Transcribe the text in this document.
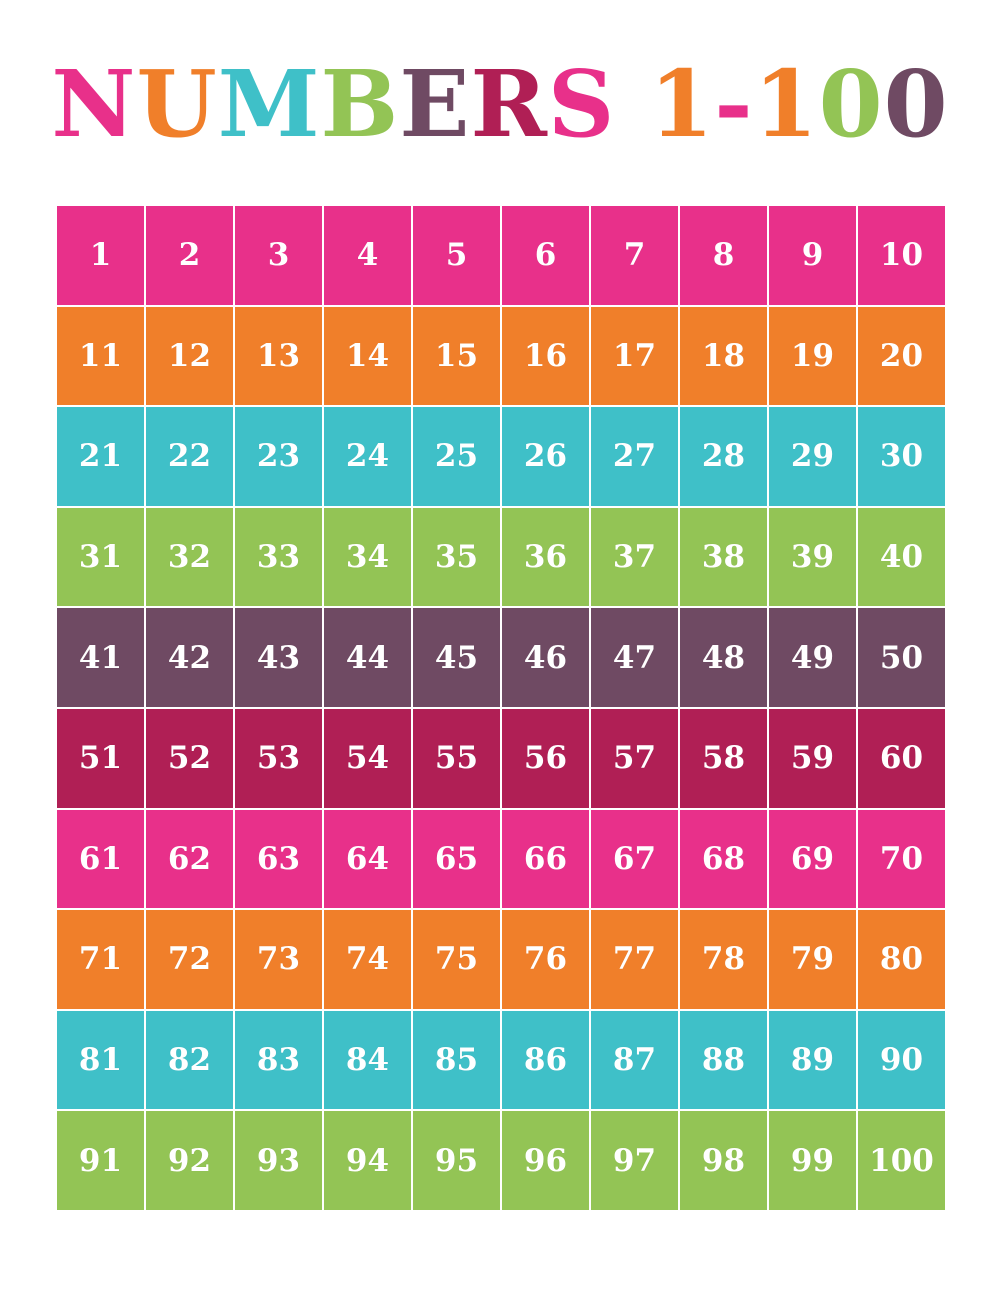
NUMBERS 1-100
1	2	3	4	5	6	7	8	9	10
11	12	13	14	15	16	17	18	19	20
21	22	23	24	25	26	27	28	29	30
31	32	33	34	35	36	37	38	39	40
41	42	43	44	45	46	47	48	49	50
51	52	53	54	55	56	57	58	59	60
61	62	63	64	65	66	67	68	69	70
71	72	73	74	75	76	77	78	79	80
81	82	83	84	85	86	87	88	89	90
91	92	93	94	95	96	97	98	99	100
